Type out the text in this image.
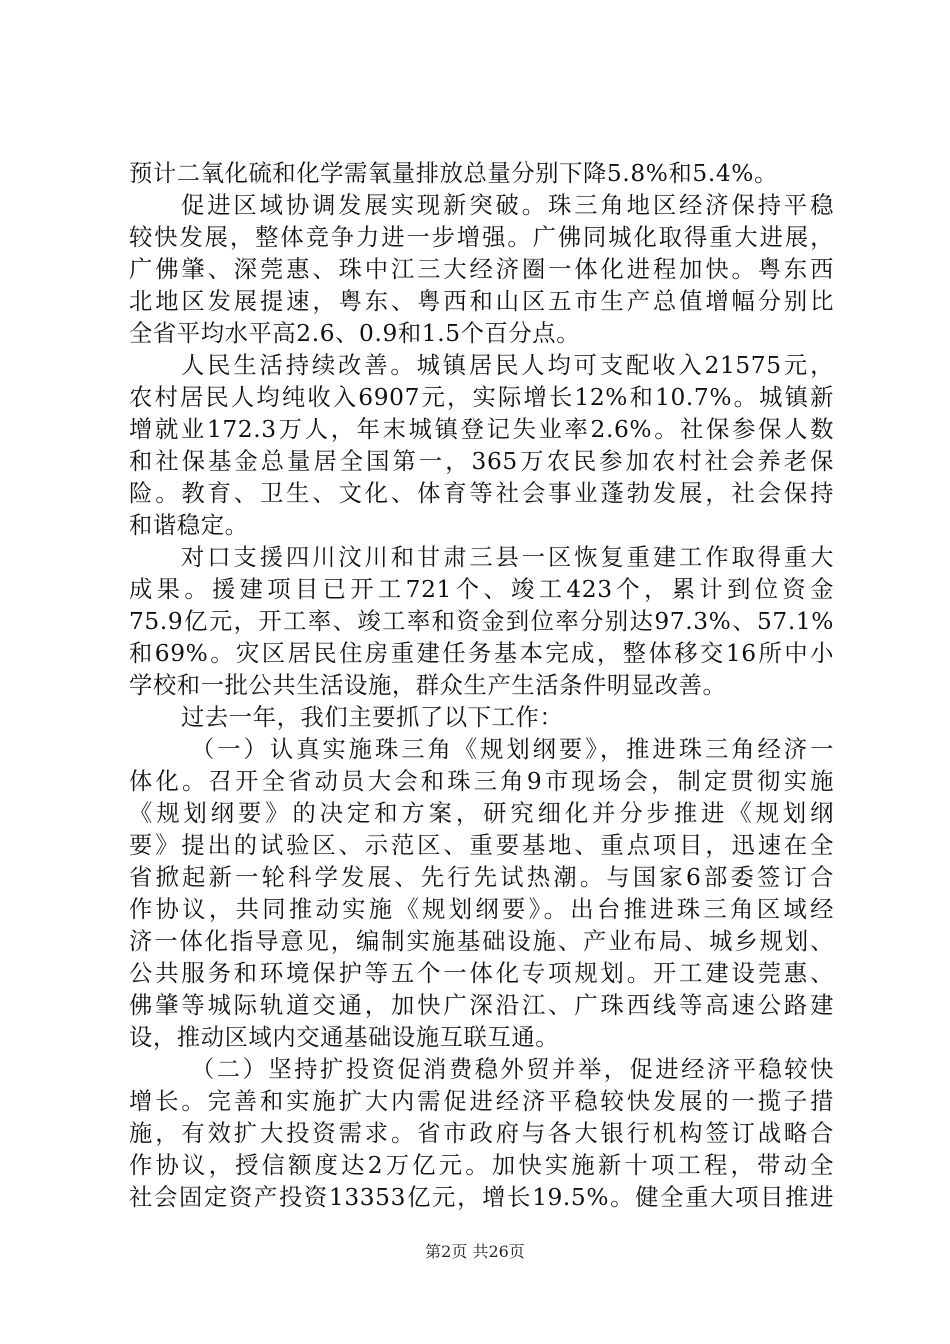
预计二氧化硫和化学需氧量排放总量分别下降5.8%和5.4%。
促进区域协调发展实现新突破。珠三角地区经济保持平稳
较快发展，整体竞争力进一步增强。广佛同城化取得重大进展，
广佛肇、深莞惠、珠中江三大经济圈一体化进程加快。粤东西
北地区发展提速，粤东、粤西和山区五市生产总值增幅分别比
全省平均水平高2.6、0.9和1.5个百分点。
人民生活持续改善。城镇居民人均可支配收入21575元，
农村居民人均纯收入6907元，实际增长12%和10.7%。城镇新
增就业172.3万人，年末城镇登记失业率2.6%。社保参保人数
和社保基金总量居全国第一，365万农民参加农村社会养老保
险。教育、卫生、文化、体育等社会事业蓬勃发展，社会保持
和谐稳定。
对口支援四川汶川和甘肃三县一区恢复重建工作取得重大
成果。援建项目已开工721个、竣工423个，累计到位资金
75.9亿元，开工率、竣工率和资金到位率分别达97.3%、57.1%
和69%。灾区居民住房重建任务基本完成，整体移交16所中小
学校和一批公共生活设施，群众生产生活条件明显改善。
过去一年，我们主要抓了以下工作：
（一）认真实施珠三角《规划纲要》，推进珠三角经济一
体化。召开全省动员大会和珠三角9市现场会，制定贯彻实施
《规划纲要》的决定和方案，研究细化并分步推进《规划纲
要》提出的试验区、示范区、重要基地、重点项目，迅速在全
省掀起新一轮科学发展、先行先试热潮。与国家6部委签订合
作协议，共同推动实施《规划纲要》。出台推进珠三角区域经
济一体化指导意见，编制实施基础设施、产业布局、城乡规划、
公共服务和环境保护等五个一体化专项规划。开工建设莞惠、
佛肇等城际轨道交通，加快广深沿江、广珠西线等高速公路建
设，推动区域内交通基础设施互联互通。
（二）坚持扩投资促消费稳外贸并举，促进经济平稳较快
增长。完善和实施扩大内需促进经济平稳较快发展的一揽子措
施，有效扩大投资需求。省市政府与各大银行机构签订战略合
作协议，授信额度达2万亿元。加快实施新十项工程，带动全
社会固定资产投资13353亿元，增长19.5%。健全重大项目推进
第2页 共26页
